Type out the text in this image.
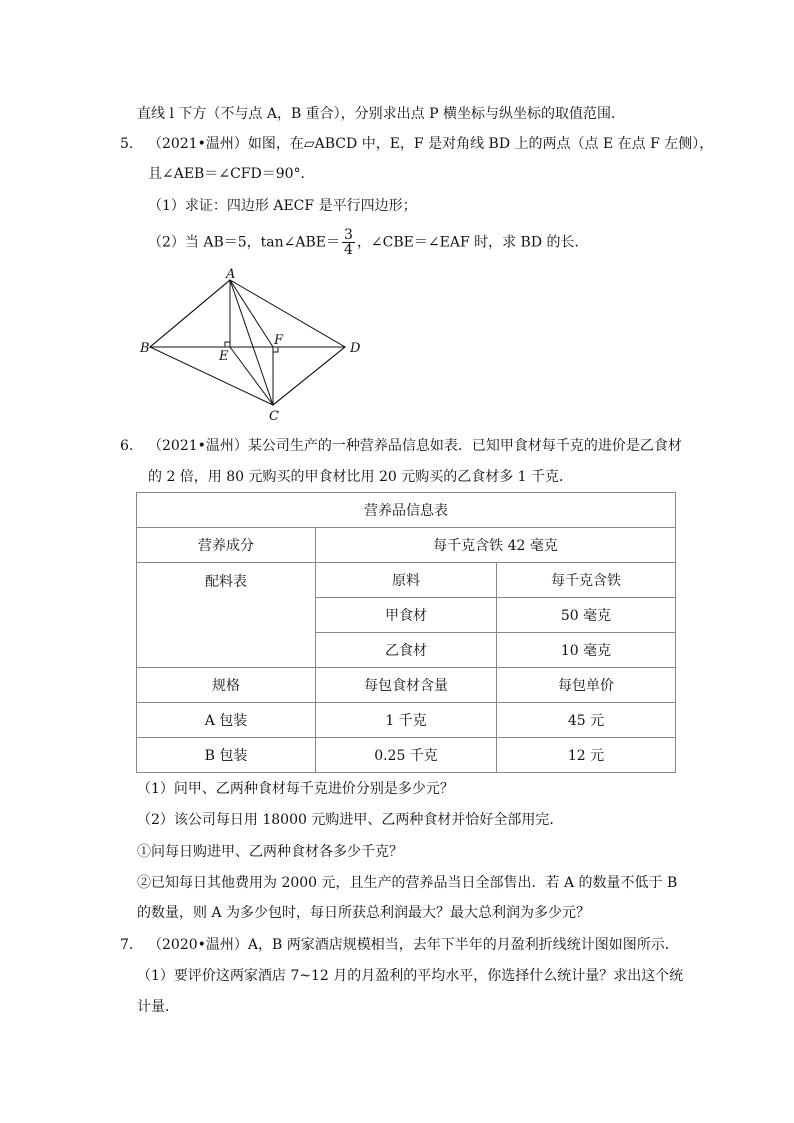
直线 l 下方（不与点 A，B 重合），分别求出点 P 横坐标与纵坐标的取值范围．
5. （2021•温州）如图，在▱ABCD 中，E，F 是对角线 BD 上的两点（点 E 在点 F 左侧），
且∠AEB＝∠CFD＝90°．
（1）求证：四边形 AECF 是平行四边形；
（2）当 AB＝5，tan∠ABE＝ $\frac{3}{4}$ ，∠CBE＝∠EAF 时，求 BD 的长．
A
B
C
D
E
F
6. （2021•温州）某公司生产的一种营养品信息如表．已知甲食材每千克的进价是乙食材
的 2 倍，用 80 元购买的甲食材比用 20 元购买的乙食材多 1 千克．
营养品信息表		
营养成分	每千克含铁 42 毫克	
配料表	原料	每千克含铁
	甲食材	50 毫克
	乙食材	10 毫克
规格	每包食材含量	每包单价
A 包装	1 千克	45 元
B 包装	0.25 千克	12 元
（1）问甲、乙两种食材每千克进价分别是多少元？
（2）该公司每日用 18000 元购进甲、乙两种食材并恰好全部用完．
①问每日购进甲、乙两种食材各多少千克？
②已知每日其他费用为 2000 元，且生产的营养品当日全部售出．若 A 的数量不低于 B
的数量，则 A 为多少包时，每日所获总利润最大？最大总利润为多少元？
7. （2020•温州）A，B 两家酒店规模相当，去年下半年的月盈利折线统计图如图所示．
（1）要评价这两家酒店 7~12 月的月盈利的平均水平，你选择什么统计量？求出这个统
计量．
